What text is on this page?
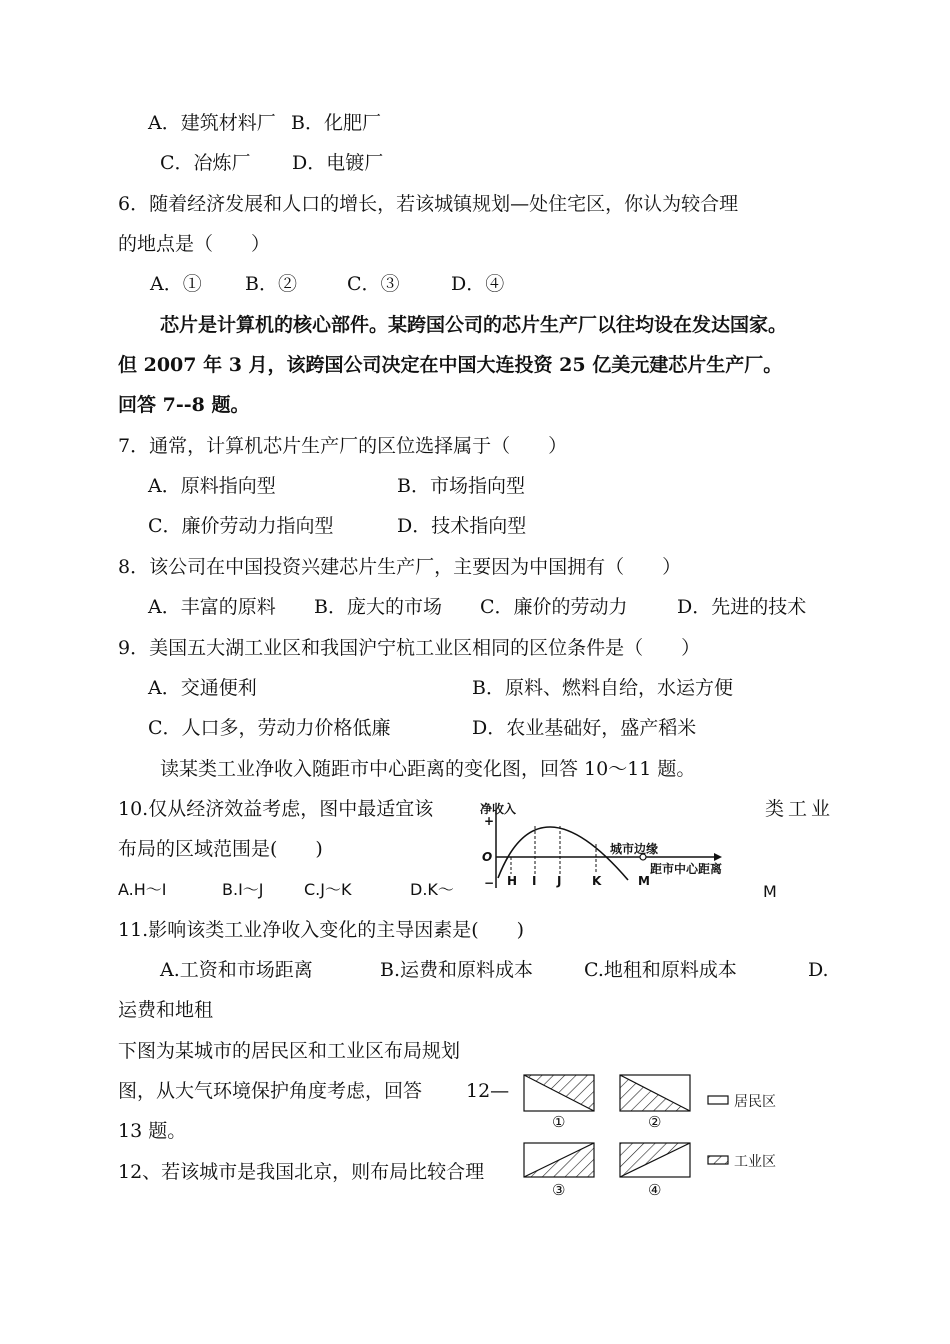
A．建筑材料厂 B．化肥厂
C．冶炼厂 D．电镀厂
6．随着经济发展和人口的增长，若该城镇规划—处住宅区，你认为较合理
的地点是（　　）
A．① B．②	C．③	D．④
芯片是计算机的核心部件。某跨国公司的芯片生产厂以往均设在发达国家。
但 2007 年 3 月，该跨国公司决定在中国大连投资 25 亿美元建芯片生产厂。
回答 7--8 题。
7．通常，计算机芯片生产厂的区位选择属于（　　）
A．原料指向型	B．市场指向型
C．廉价劳动力指向型	D．技术指向型
8．该公司在中国投资兴建芯片生产厂，主要因为中国拥有（　　）
A．丰富的原料 B．庞大的市场 C．廉价的劳动力	D．先进的技术
9．美国五大湖工业区和我国沪宁杭工业区相同的区位条件是（　　）
A．交通便利	B．原料、燃料自给，水运方便
C．人口多，劳动力价格低廉	D．农业基础好，盛产稻米
读某类工业净收入随距市中心距离的变化图，回答 10～11 题。
10.仅从经济效益考虑，图中最适宜该	类工业
布局的区域范围是(　　)
A.H～I	B.I～J	C.J～K	D.K～	M
净收入
+
O
−
城市边缘
距市中心距离
H I J	K	M
11.影响该类工业净收入变化的主导因素是(　　)
A.工资和市场距离	B.运费和原料成本	C.地租和原料成本	D.
运费和地租
下图为某城市的居民区和工业区布局规划
图，从大气环境保护角度考虑，回答 12—
13 题。
12、若该城市是我国北京，则布局比较合理
①	②
③	④
居民区
工业区
